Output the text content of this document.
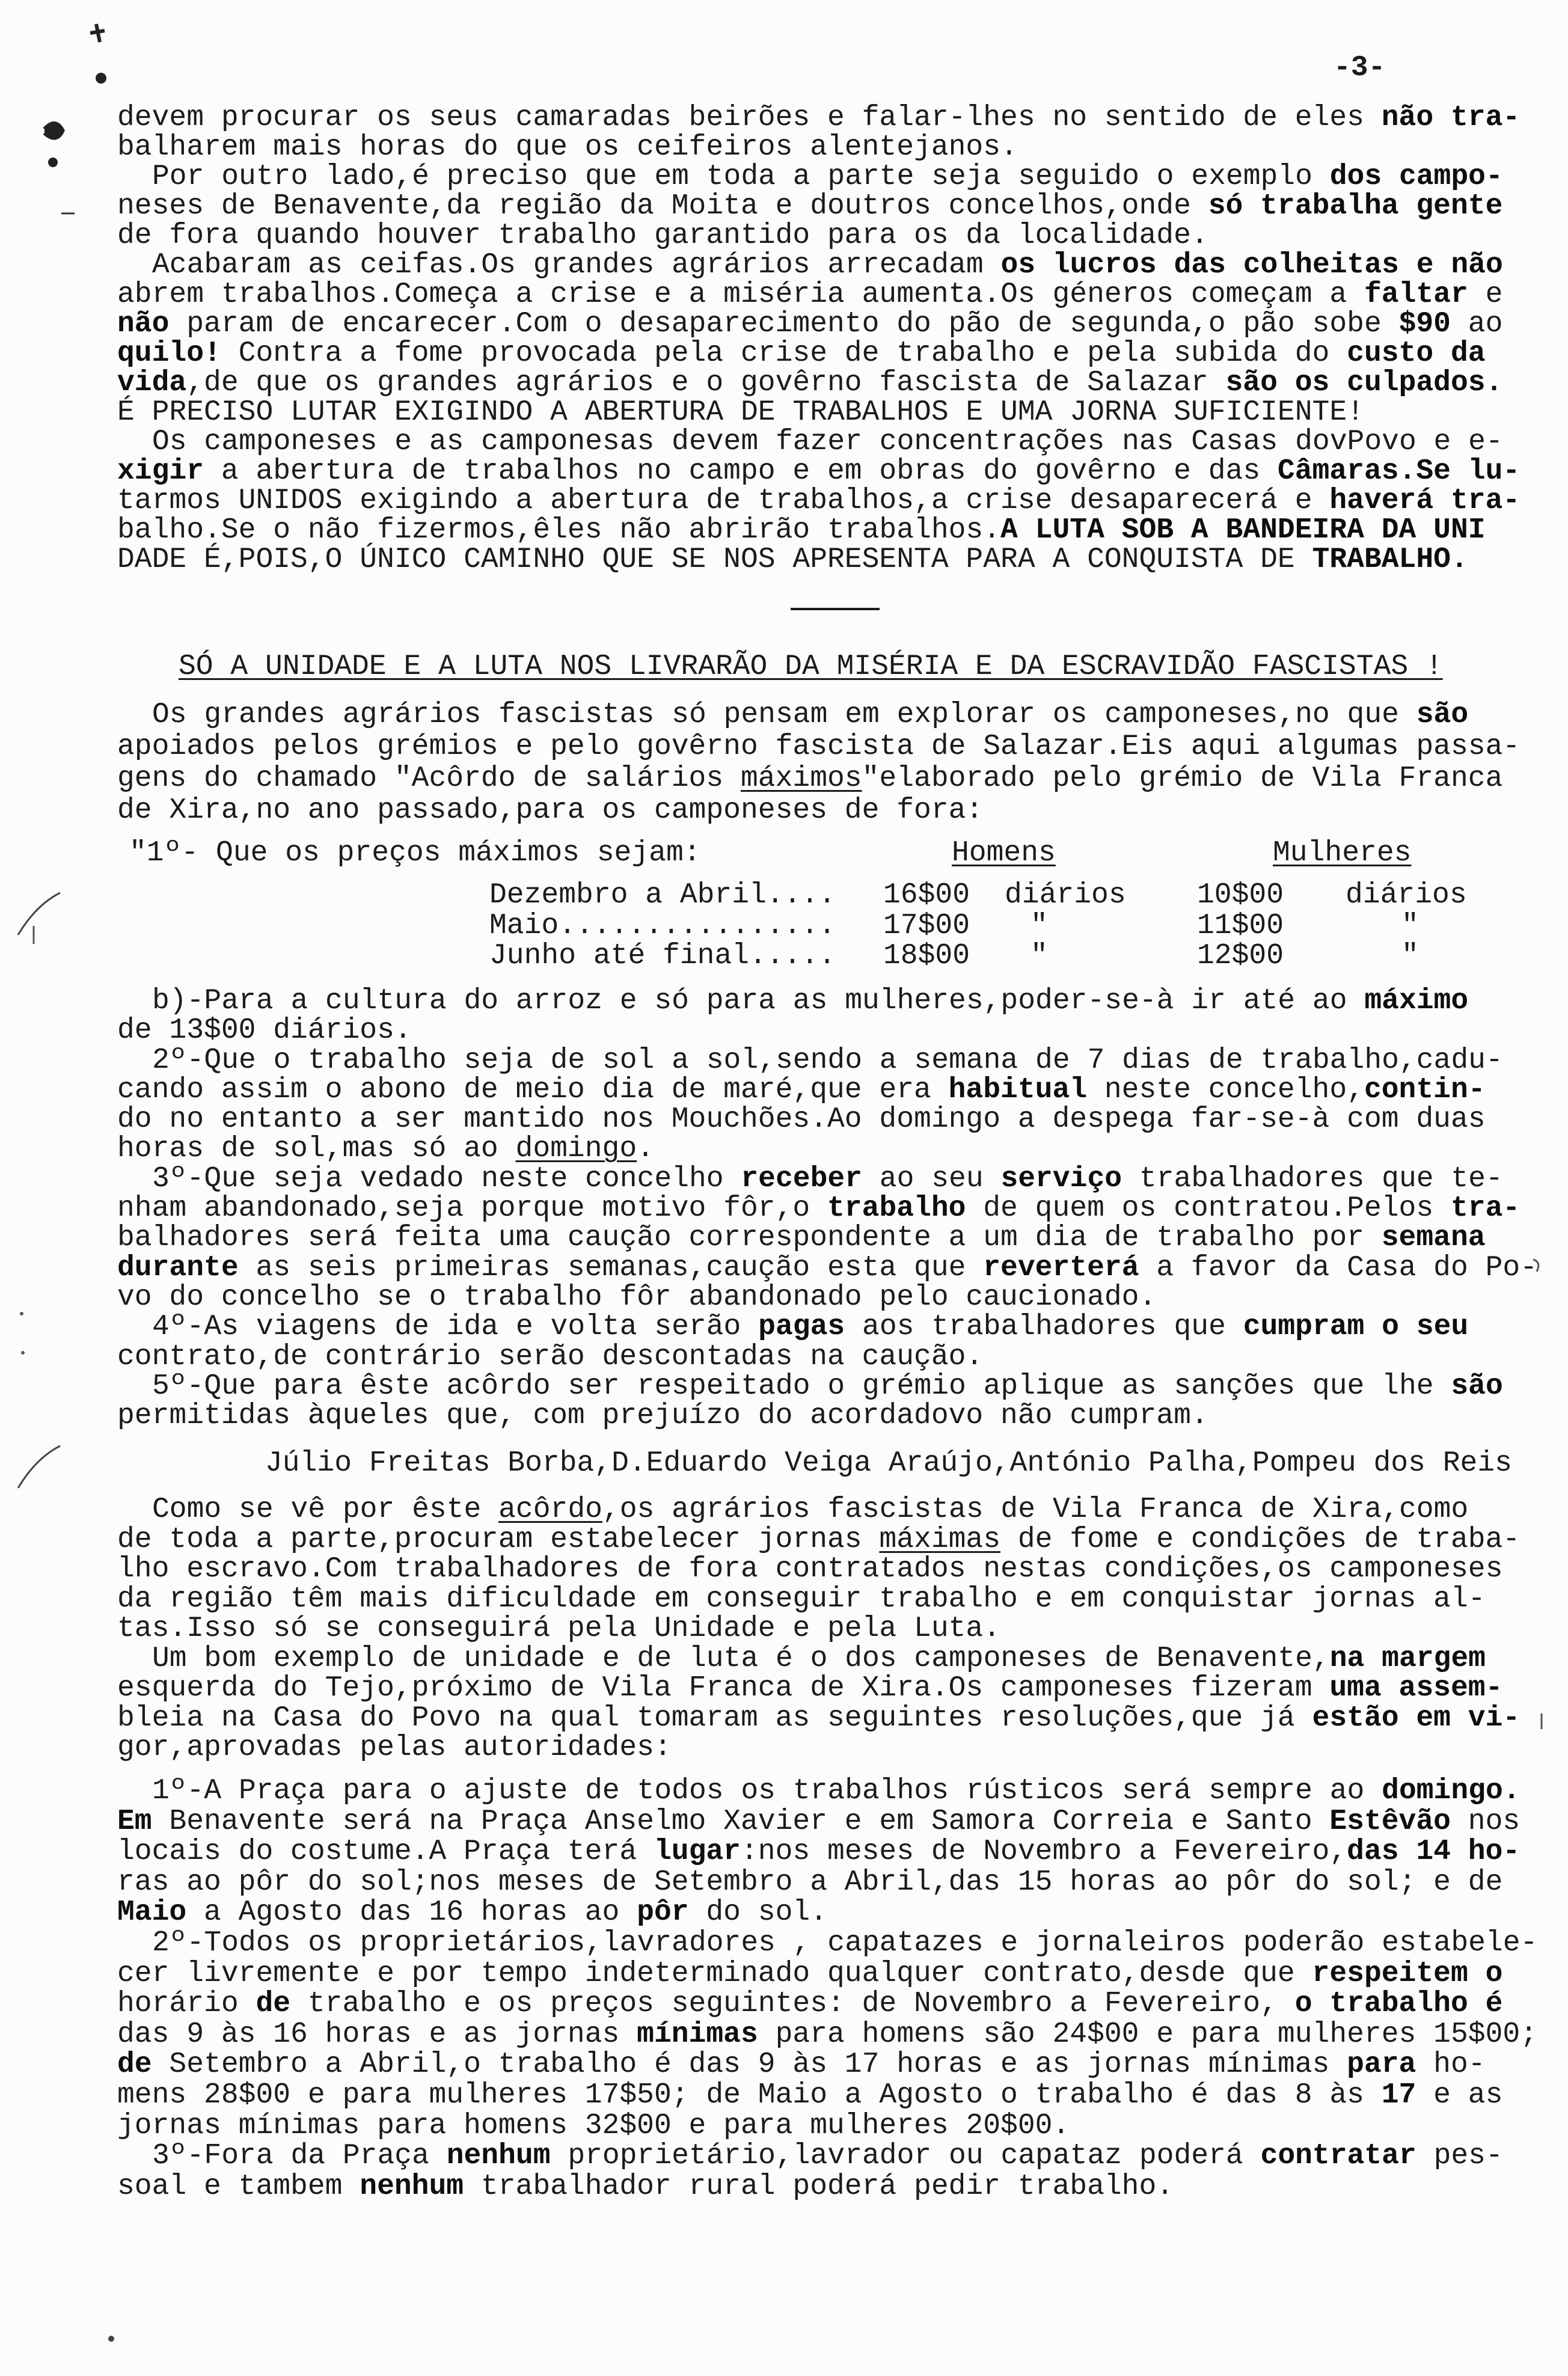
-3-
devem procurar os seus camaradas beirões e falar-lhes no sentido de eles não tra-
balharem mais horas do que os ceifeiros alentejanos.
Por outro lado,é preciso que em toda a parte seja seguido o exemplo dos campo-
neses de Benavente,da região da Moita e doutros concelhos,onde só trabalha gente
de fora quando houver trabalho garantido para os da localidade.
Acabaram as ceifas.Os grandes agrários arrecadam os lucros das colheitas e não
abrem trabalhos.Começa a crise e a miséria aumenta.Os géneros começam a faltar e
não param de encarecer.Com o desaparecimento do pão de segunda,o pão sobe $90 ao
quilo! Contra a fome provocada pela crise de trabalho e pela subida do custo da
vida,de que os grandes agrários e o govêrno fascista de Salazar são os culpados.
É PRECISO LUTAR EXIGINDO A ABERTURA DE TRABALHOS E UMA JORNA SUFICIENTE!
Os camponeses e as camponesas devem fazer concentrações nas Casas dovPovo e e-
xigir a abertura de trabalhos no campo e em obras do govêrno e das Câmaras.Se lu-
tarmos UNIDOS exigindo a abertura de trabalhos,a crise desaparecerá e haverá tra-
balho.Se o não fizermos,êles não abrirão trabalhos.A LUTA SOB A BANDEIRA DA UNI
DADE É,POIS,O ÚNICO CAMINHO QUE SE NOS APRESENTA PARA A CONQUISTA DE TRABALHO.
SÓ A UNIDADE E A LUTA NOS LIVRARÃO DA MISÉRIA E DA ESCRAVIDÃO FASCISTAS !
Os grandes agrários fascistas só pensam em explorar os camponeses,no que são
apoiados pelos grémios e pelo govêrno fascista de Salazar.Eis aqui algumas passa-
gens do chamado "Acôrdo de salários máximos"elaborado pelo grémio de Vila Franca
de Xira,no ano passado,para os camponeses de fora:
"1º- Que os preços máximos sejam:	Homens	Mulheres
Dezembro a Abril.... 16$00 diários 10$00 diários
Maio................ 17$00 "	11$00	"
Junho até final..... 18$00 "	12$00	"
b)-Para a cultura do arroz e só para as mulheres,poder-se-à ir até ao máximo
de 13$00 diários.
2º-Que o trabalho seja de sol a sol,sendo a semana de 7 dias de trabalho,cadu-
cando assim o abono de meio dia de maré,que era habitual neste concelho,contin-
do no entanto a ser mantido nos Mouchões.Ao domingo a despega far-se-à com duas
horas de sol,mas só ao domingo.
3º-Que seja vedado neste concelho receber ao seu serviço trabalhadores que te-
nham abandonado,seja porque motivo fôr,o trabalho de quem os contratou.Pelos tra-
balhadores será feita uma caução correspondente a um dia de trabalho por semana
durante as seis primeiras semanas,caução esta que reverterá a favor da Casa do Po-
vo do concelho se o trabalho fôr abandonado pelo caucionado.
4º-As viagens de ida e volta serão pagas aos trabalhadores que cumpram o seu
contrato,de contrário serão descontadas na caução.
5º-Que para êste acôrdo ser respeitado o grémio aplique as sanções que lhe são
permitidas àqueles que, com prejuízo do acordadovo não cumpram.
Júlio Freitas Borba,D.Eduardo Veiga Araújo,António Palha,Pompeu dos Reis
Como se vê por êste acôrdo,os agrários fascistas de Vila Franca de Xira,como
de toda a parte,procuram estabelecer jornas máximas de fome e condições de traba-
lho escravo.Com trabalhadores de fora contratados nestas condições,os camponeses
da região têm mais dificuldade em conseguir trabalho e em conquistar jornas al-
tas.Isso só se conseguirá pela Unidade e pela Luta.
Um bom exemplo de unidade e de luta é o dos camponeses de Benavente,na margem
esquerda do Tejo,próximo de Vila Franca de Xira.Os camponeses fizeram uma assem-
bleia na Casa do Povo na qual tomaram as seguintes resoluções,que já estão em vi-
gor,aprovadas pelas autoridades:
1º-A Praça para o ajuste de todos os trabalhos rústicos será sempre ao domingo.
Em Benavente será na Praça Anselmo Xavier e em Samora Correia e Santo Estêvão nos
locais do costume.A Praça terá lugar:nos meses de Novembro a Fevereiro,das 14 ho-
ras ao pôr do sol;nos meses de Setembro a Abril,das 15 horas ao pôr do sol; e de
Maio a Agosto das 16 horas ao pôr do sol.
2º-Todos os proprietários,lavradores , capatazes e jornaleiros poderão estabele-
cer livremente e por tempo indeterminado qualquer contrato,desde que respeitem o
horário de trabalho e os preços seguintes: de Novembro a Fevereiro, o trabalho é
das 9 às 16 horas e as jornas mínimas para homens são 24$00 e para mulheres 15$00;
de Setembro a Abril,o trabalho é das 9 às 17 horas e as jornas mínimas para ho-
mens 28$00 e para mulheres 17$50; de Maio a Agosto o trabalho é das 8 às 17 e as
jornas mínimas para homens 32$00 e para mulheres 20$00.
3º-Fora da Praça nenhum proprietário,lavrador ou capataz poderá contratar pes-
soal e tambem nenhum trabalhador rural poderá pedir trabalho.
